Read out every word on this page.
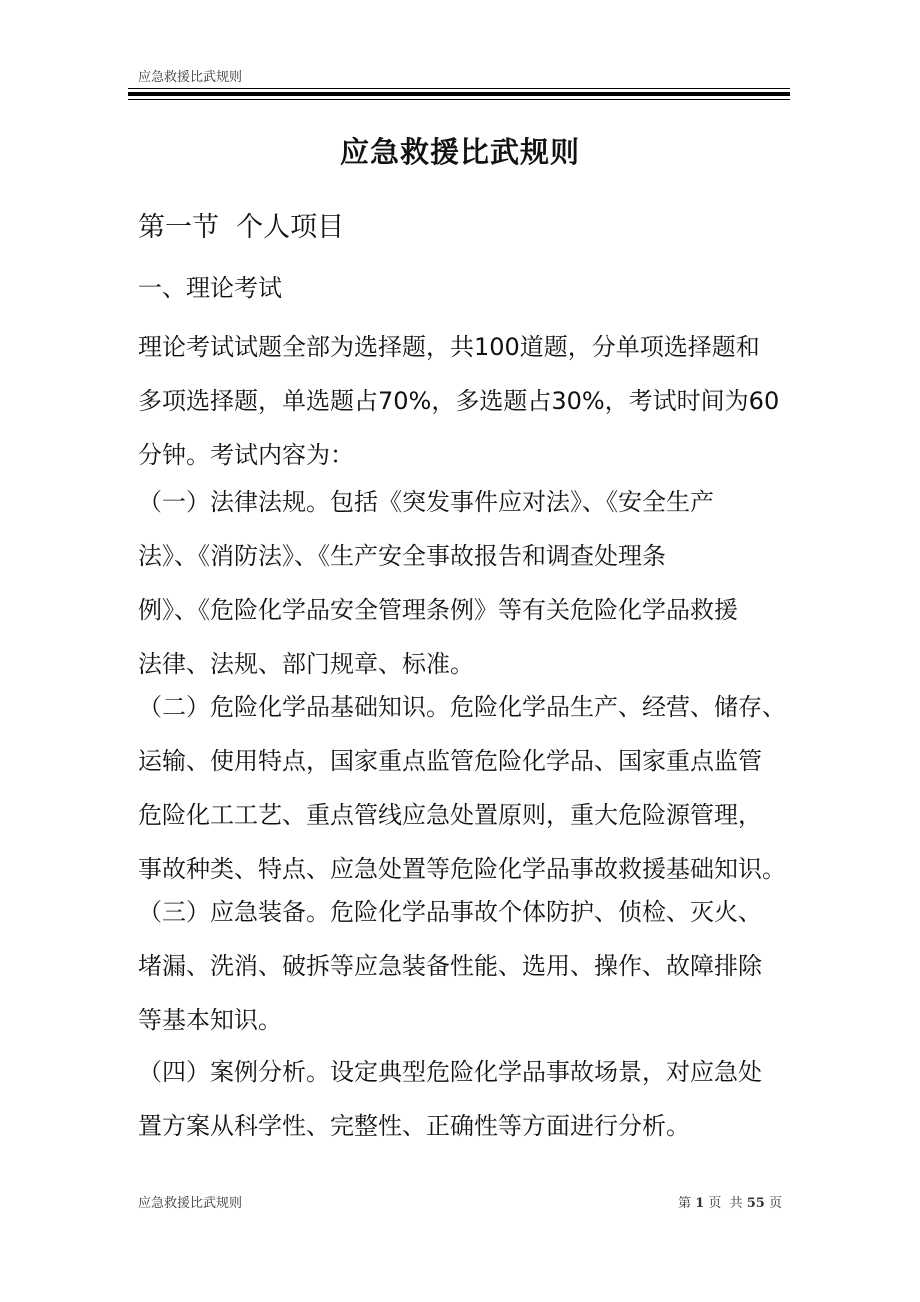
应急救援比武规则
应急救援比武规则
第一节  个人项目
一、理论考试
理论考试试题全部为选择题，共100道题，分单项选择题和
多项选择题，单选题占70%，多选题占30%，考试时间为60
分钟。考试内容为：
（一）法律法规。包括《突发事件应对法》、《安全生产
法》、《消防法》、《生产安全事故报告和调查处理条
例》、《危险化学品安全管理条例》等有关危险化学品救援
法律、法规、部门规章、标准。
（二）危险化学品基础知识。危险化学品生产、经营、储存、
运输、使用特点，国家重点监管危险化学品、国家重点监管
危险化工工艺、重点管线应急处置原则，重大危险源管理，
事故种类、特点、应急处置等危险化学品事故救援基础知识。
（三）应急装备。危险化学品事故个体防护、侦检、灭火、
堵漏、洗消、破拆等应急装备性能、选用、操作、故障排除
等基本知识。
（四）案例分析。设定典型危险化学品事故场景，对应急处
置方案从科学性、完整性、正确性等方面进行分析。
应急救援比武规则	第 1 页  共 55 页
